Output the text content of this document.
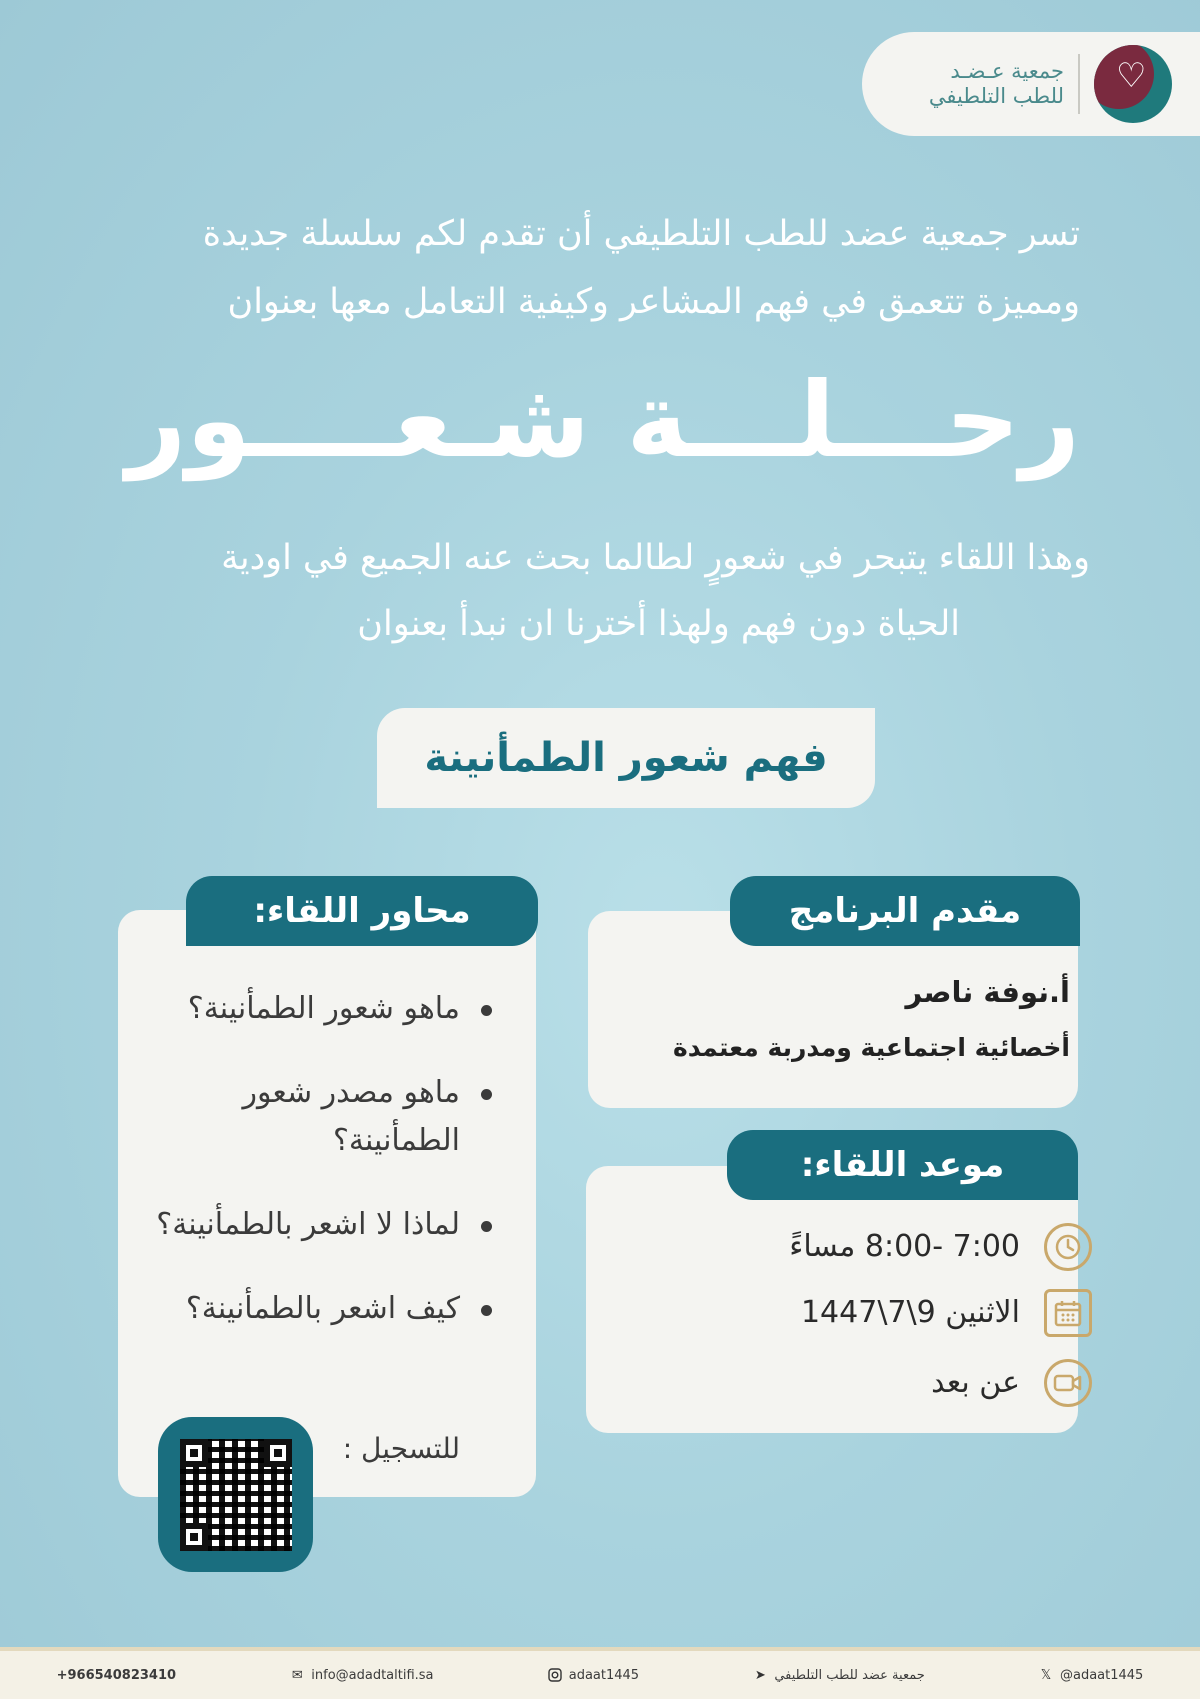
♡
جمعية عـضـد
للطب التلطيفي
تسر جمعية عضد للطب التلطيفي أن تقدم لكم سلسلة جديدة
ومميزة تتعمق في فهم المشاعر وكيفية التعامل معها بعنوان
رحـــلـــة شـعــــور
وهذا اللقاء يتبحر في شعورٍ لطالما بحث عنه الجميع في اودية
الحياة دون فهم ولهذا أخترنا ان نبدأ بعنوان
فهم شعور الطمأنينة
محاور اللقاء:
ماهو شعور الطمأنينة؟
ماهو مصدر شعور الطمأنينة؟
لماذا لا اشعر بالطمأنينة؟
كيف اشعر بالطمأنينة؟
للتسجيل :
مقدم البرنامج
أ.نوفة ناصر
أخصائية اجتماعية ومدربة معتمدة
موعد اللقاء:
7:00 -8:00 مساءً
الاثنين 9\7\1447
عن بعد
𝕏 @adaat1445
➤ جمعية عضد للطب التلطيفي
adaat1445
✉ info@adadtaltifi.sa
+966540823410
